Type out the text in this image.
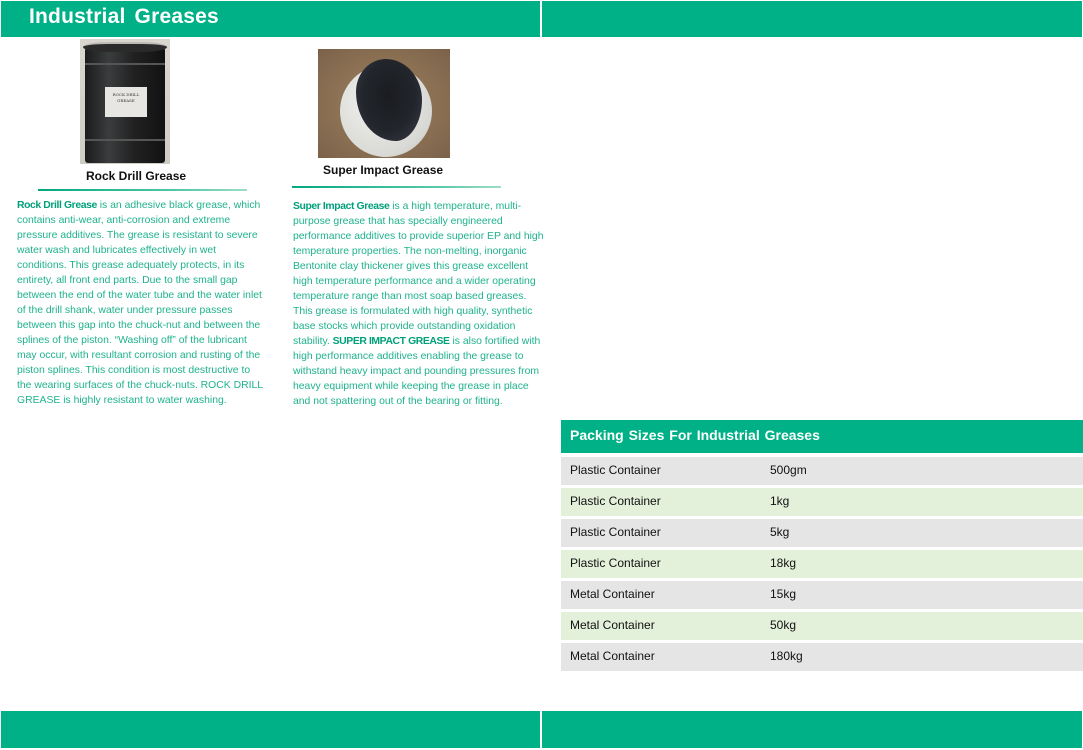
Industrial Greases
ROCK DRILL GREASE
Rock Drill Grease

Rock Drill Grease is an adhesive black grease, which contains anti-wear, anti-corrosion and extreme pressure additives. The grease is resistant to severe water wash and lubricates effectively in wet conditions. This grease adequately protects, in its entirety, all front end parts. Due to the small gap between the end of the water tube and the water inlet of the drill shank, water under pressure passes between this gap into the chuck-nut and between the splines of the piston. “Washing off” of the lubricant may occur, with resultant corrosion and rusting of the piston splines. This condition is most destructive to the wearing surfaces of the chuck-nuts. ROCK DRILL GREASE is highly resistant to water washing.

Super Impact Grease

Super Impact Grease is a high temperature, multi-purpose grease that has specially engineered performance additives to provide superior EP and high temperature properties. The non-melting, inorganic Bentonite clay thickener gives this grease excellent high temperature performance and a wider operating temperature range than most soap based greases. This grease is formulated with high quality, synthetic base stocks which provide outstanding oxidation stability. SUPER IMPACT GREASE is also fortified with high performance additives enabling the grease to withstand heavy impact and pounding pressures from heavy equipment while keeping the grease in place and not spattering out of the bearing or fitting.

Packing Sizes For Industrial Greases
Plastic Container	500gm
Plastic Container	1kg
Plastic Container	5kg
Plastic Container	18kg
Metal Container	15kg
Metal Container	50kg
Metal Container	180kg
